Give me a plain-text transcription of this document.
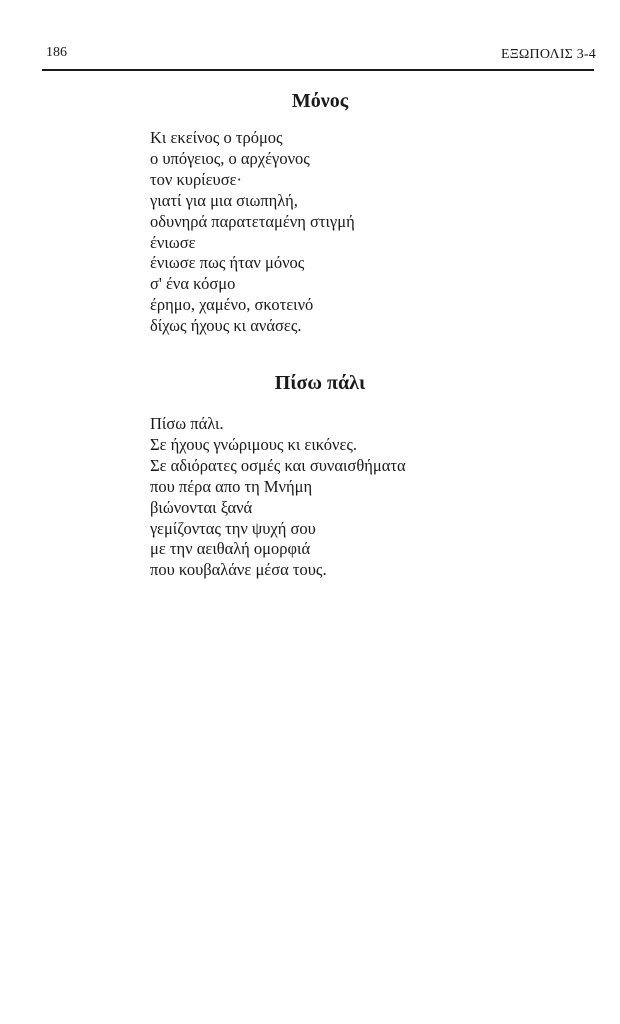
186	ΕΞΩΠΟΛΙΣ 3-4
Μόνος
Κι εκείνος ο τρόμος
ο υπόγειος, ο αρχέγονος
τον κυρίευσε·
γιατί για μια σιωπηλή,
οδυνηρά παρατεταμένη στιγμή
ένιωσε
ένιωσε πως ήταν μόνος
σ' ένα κόσμο
έρημο, χαμένο, σκοτεινό
δίχως ήχους κι ανάσες.
Πίσω πάλι
Πίσω πάλι.
Σε ήχους γνώριμους κι εικόνες.
Σε αδιόρατες οσμές και συναισθήματα
που πέρα απο τη Μνήμη
βιώνονται ξανά
γεμίζοντας την ψυχή σου
με την αειθαλή ομορφιά
που κουβαλάνε μέσα τους.
